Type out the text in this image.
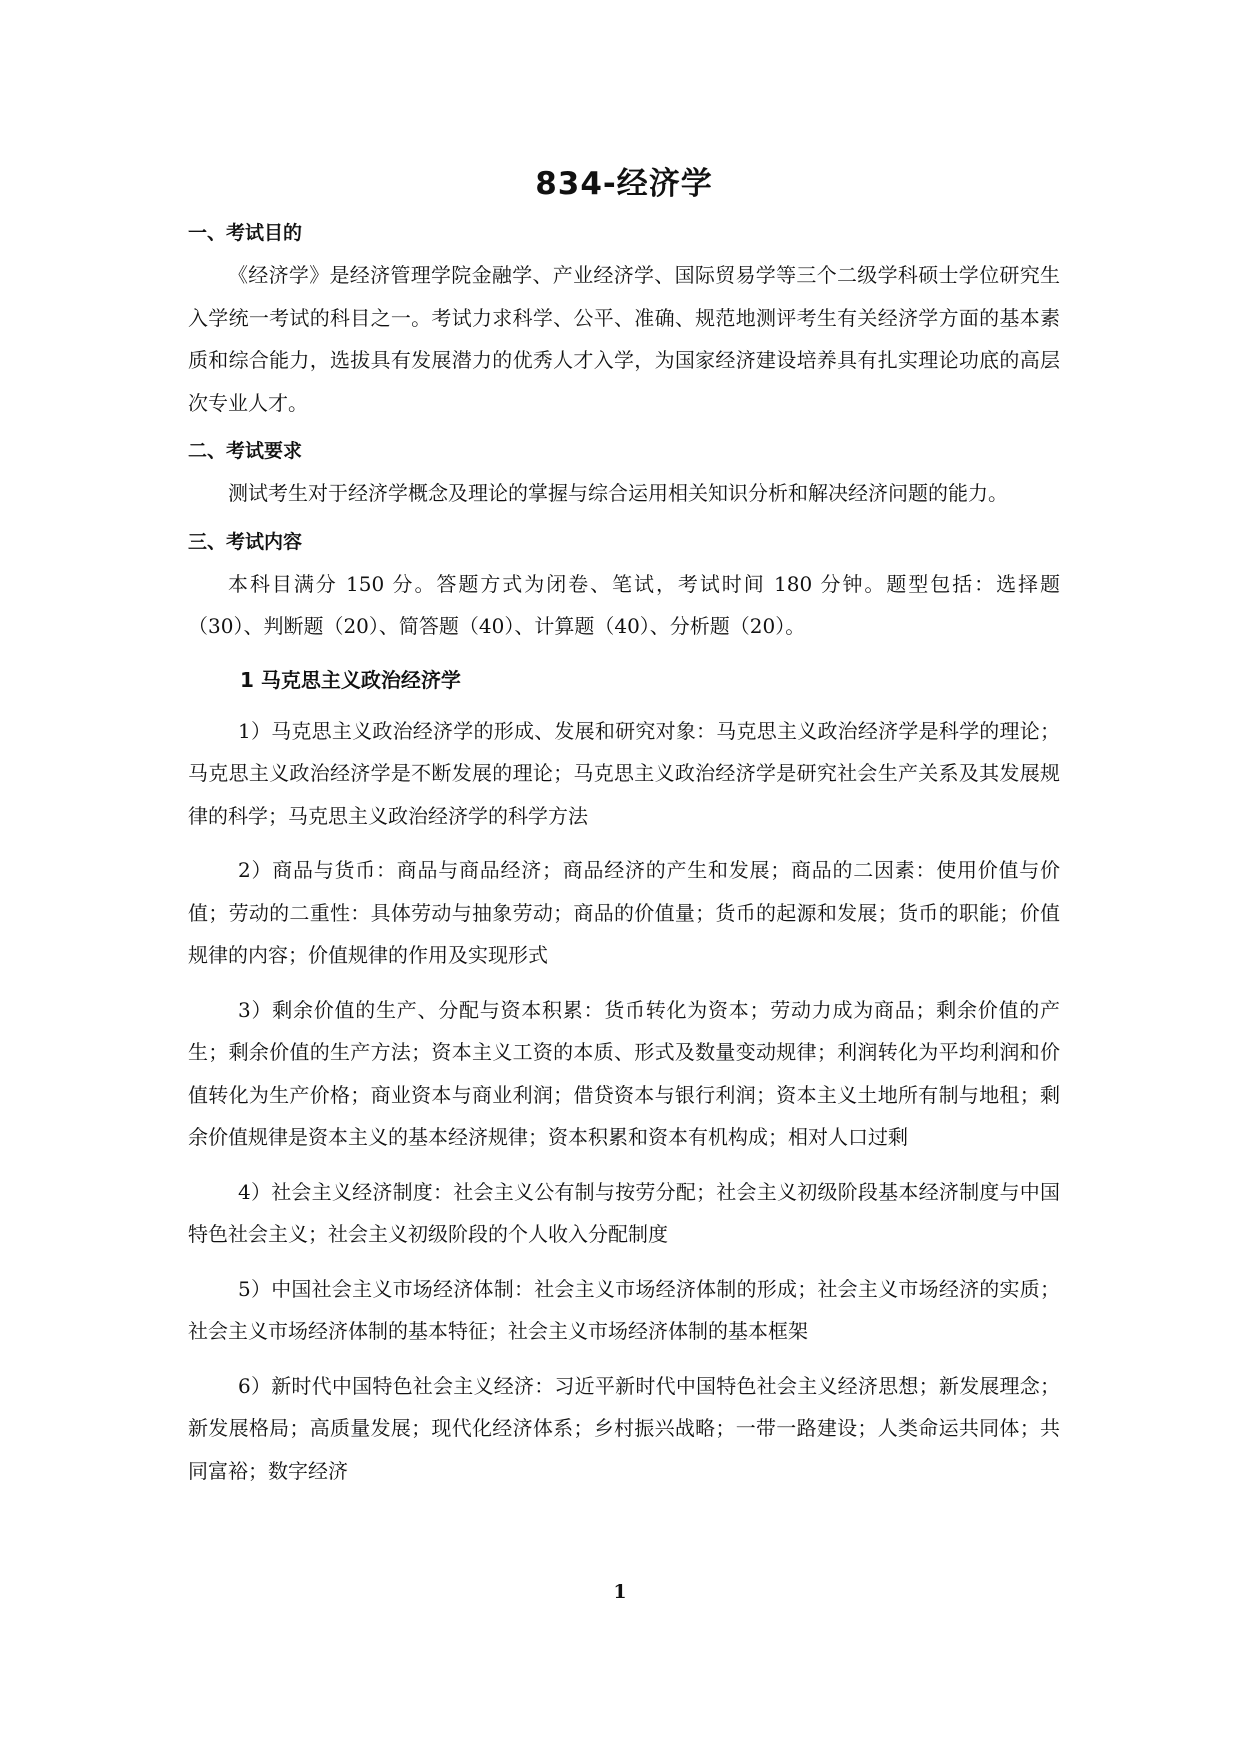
834-经济学
一、考试目的

《经济学》是经济管理学院金融学、产业经济学、国际贸易学等三个二级学科硕士学位研究生入学统一考试的科目之一。考试力求科学、公平、准确、规范地测评考生有关经济学方面的基本素质和综合能力，选拔具有发展潜力的优秀人才入学，为国家经济建设培养具有扎实理论功底的高层次专业人才。

二、考试要求

测试考生对于经济学概念及理论的掌握与综合运用相关知识分析和解决经济问题的能力。

三、考试内容

本科目满分 150 分。答题方式为闭卷、笔试，考试时间 180 分钟。题型包括：选择题（30）、判断题（20）、简答题（40）、计算题（40）、分析题（20）。

1 马克思主义政治经济学

1）马克思主义政治经济学的形成、发展和研究对象：马克思主义政治经济学是科学的理论；马克思主义政治经济学是不断发展的理论；马克思主义政治经济学是研究社会生产关系及其发展规律的科学；马克思主义政治经济学的科学方法

2）商品与货币：商品与商品经济；商品经济的产生和发展；商品的二因素：使用价值与价值；劳动的二重性：具体劳动与抽象劳动；商品的价值量；货币的起源和发展；货币的职能；价值规律的内容；价值规律的作用及实现形式

3）剩余价值的生产、分配与资本积累：货币转化为资本；劳动力成为商品；剩余价值的产生；剩余价值的生产方法；资本主义工资的本质、形式及数量变动规律；利润转化为平均利润和价值转化为生产价格；商业资本与商业利润；借贷资本与银行利润；资本主义土地所有制与地租；剩余价值规律是资本主义的基本经济规律；资本积累和资本有机构成；相对人口过剩

4）社会主义经济制度：社会主义公有制与按劳分配；社会主义初级阶段基本经济制度与中国特色社会主义；社会主义初级阶段的个人收入分配制度

5）中国社会主义市场经济体制：社会主义市场经济体制的形成；社会主义市场经济的实质；社会主义市场经济体制的基本特征；社会主义市场经济体制的基本框架

6）新时代中国特色社会主义经济：习近平新时代中国特色社会主义经济思想；新发展理念；新发展格局；高质量发展；现代化经济体系；乡村振兴战略；一带一路建设；人类命运共同体；共同富裕；数字经济

1
